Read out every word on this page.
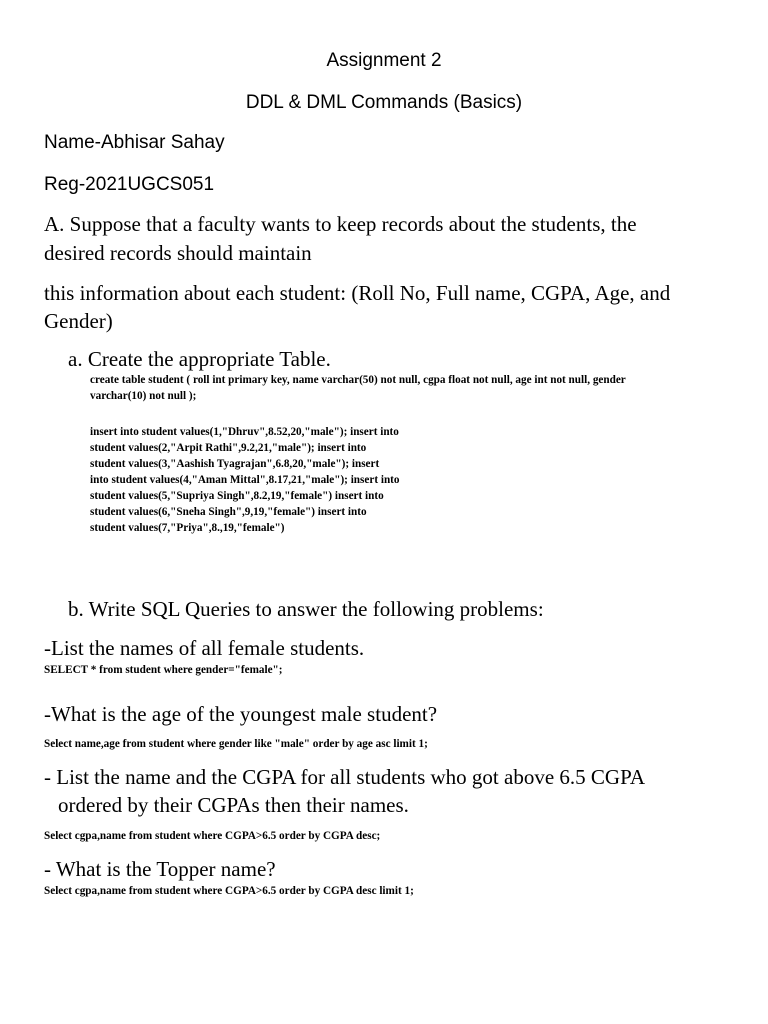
Assignment 2
DDL & DML Commands (Basics)
Name-Abhisar Sahay
Reg-2021UGCS051
A. Suppose that a faculty wants to keep records about the students, the
desired records should maintain
this information about each student: (Roll No, Full name, CGPA, Age, and
Gender)
a. Create the appropriate Table.
create table student ( roll int primary key, name varchar(50) not null, cgpa float not null, age int not null, gender
varchar(10) not null );
insert into student values(1,"Dhruv",8.52,20,"male"); insert into
student values(2,"Arpit Rathi",9.2,21,"male"); insert into
student values(3,"Aashish Tyagrajan",6.8,20,"male"); insert
into student values(4,"Aman Mittal",8.17,21,"male"); insert into
student values(5,"Supriya Singh",8.2,19,"female") insert into
student values(6,"Sneha Singh",9,19,"female") insert into
student values(7,"Priya",8.,19,"female")
b. Write SQL Queries to answer the following problems:
-List the names of all female students.
SELECT * from student where gender="female";
-What is the age of the youngest male student?
Select name,age from student where gender like "male" order by age asc limit 1;
- List the name and the CGPA for all students who got above 6.5 CGPA
ordered by their CGPAs then their names.
Select cgpa,name from student where CGPA>6.5 order by CGPA desc;
- What is the Topper name?
Select cgpa,name from student where CGPA>6.5 order by CGPA desc limit 1;
